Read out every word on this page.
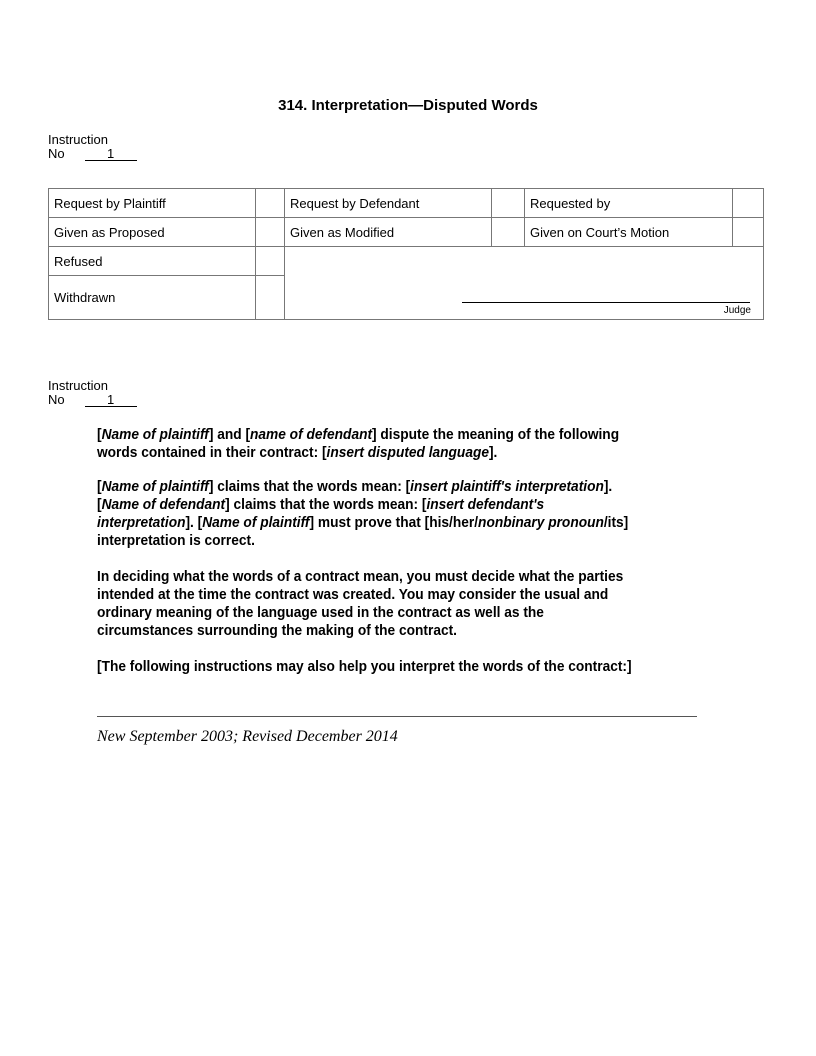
314. Interpretation—Disputed Words
Instruction
No	1
Request by Plaintiff		Request by Defendant		Requested by	
Given as Proposed		Given as Modified		Given on Court’s Motion	
Refused		Judge			

Withdrawn					
Instruction
No	1
[Name of plaintiff] and [name of defendant] dispute the meaning of the following
words contained in their contract: [insert disputed language].
[Name of plaintiff] claims that the words mean: [insert plaintiff's interpretation].
[Name of defendant] claims that the words mean: [insert defendant's
interpretation]. [Name of plaintiff] must prove that [his/her/nonbinary pronoun/its]
interpretation is correct.
In deciding what the words of a contract mean, you must decide what the parties
intended at the time the contract was created. You may consider the usual and
ordinary meaning of the language used in the contract as well as the
circumstances surrounding the making of the contract.
[The following instructions may also help you interpret the words of the contract:]
New September 2003; Revised December 2014
